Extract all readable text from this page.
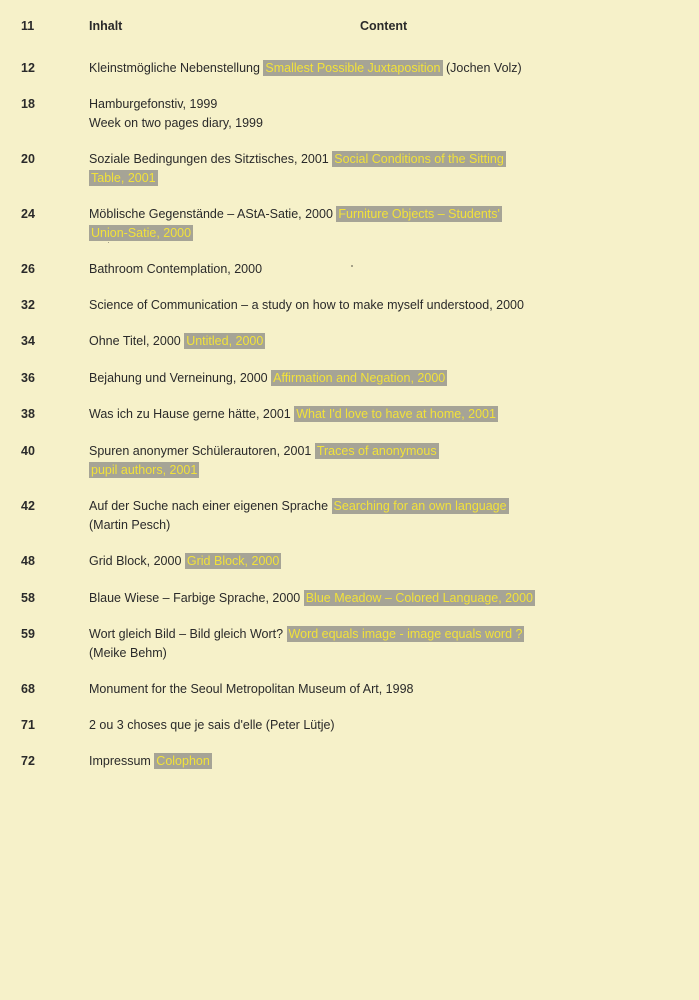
11	Inhalt	Content
12	Kleinstmögliche Nebenstellung Smallest Possible Juxtaposition (Jochen Volz)
18	Hamburgefonstiv, 1999
Week on two pages diary, 1999
20	Soziale Bedingungen des Sitztisches, 2001 Social Conditions of the Sitting Table, 2001
24	Möblische Gegenstände – AStA-Satie, 2000 Furniture Objects – Students' Union-Satie, 2000
26	Bathroom Contemplation, 2000
32	Science of Communication – a study on how to make myself understood, 2000
34	Ohne Titel, 2000 Untitled, 2000
36	Bejahung und Verneinung, 2000 Affirmation and Negation, 2000
38	Was ich zu Hause gerne hätte, 2001 What I'd love to have at home, 2001
40	Spuren anonymer Schülerautoren, 2001 Traces of anonymous
pupil authors, 2001
42	Auf der Suche nach einer eigenen Sprache Searching for an own language
(Martin Pesch)
48	Grid Block, 2000 Grid Block, 2000
58	Blaue Wiese – Farbige Sprache, 2000 Blue Meadow – Colored Language, 2000
59	Wort gleich Bild – Bild gleich Wort? Word equals image - image equals word ?
(Meike Behm)
68	Monument for the Seoul Metropolitan Museum of Art, 1998
71	2 ou 3 choses que je sais d'elle (Peter Lütje)
72	Impressum Colophon
